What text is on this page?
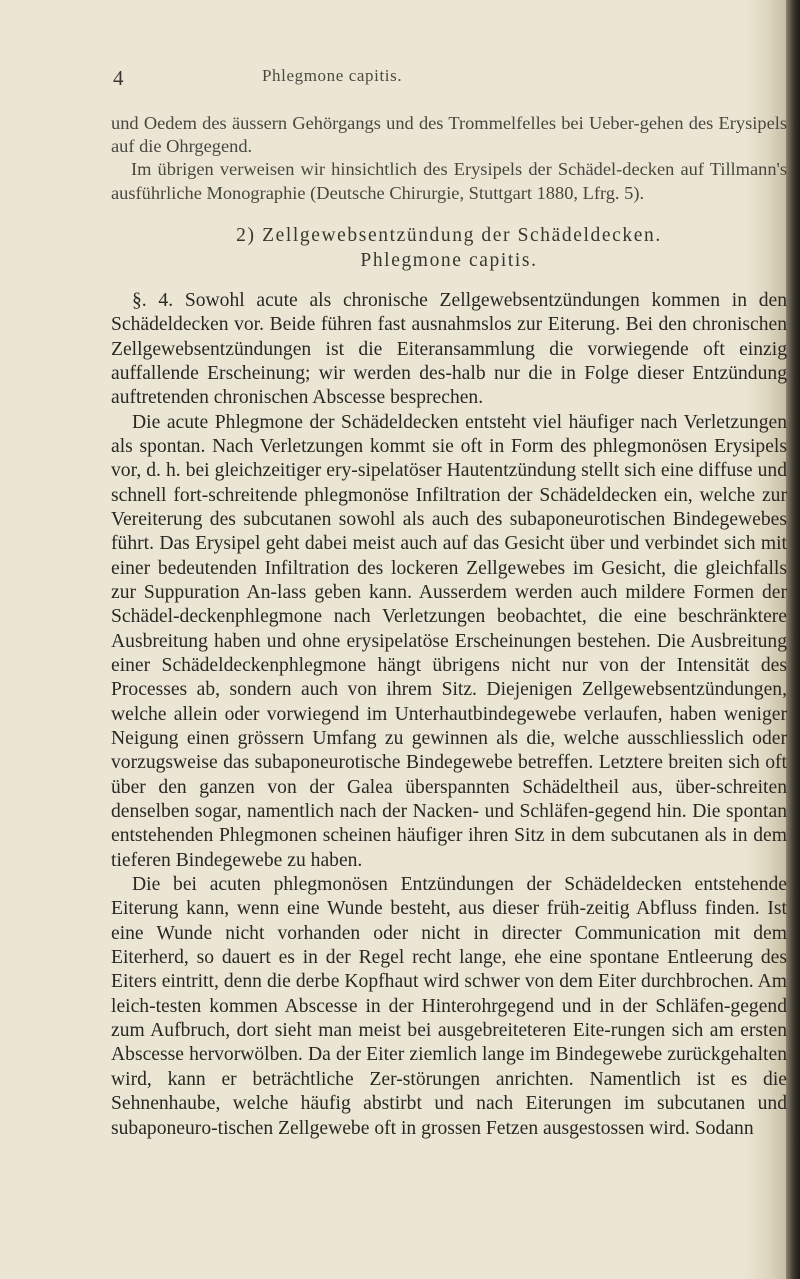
4	Phlegmone capitis.

und Oedem des äussern Gehörgangs und des Trommelfelles bei Ueber-gehen des Erysipels auf die Ohrgegend.

Im übrigen verweisen wir hinsichtlich des Erysipels der Schädel-decken auf Tillmann's ausführliche Monographie (Deutsche Chirurgie, Stuttgart 1880, Lfrg. 5).

2) Zellgewebsentzündung der Schädeldecken.
Phlegmone capitis.

§. 4. Sowohl acute als chronische Zellgewebsentzündungen kommen in den Schädeldecken vor. Beide führen fast ausnahmslos zur Eiterung. Bei den chronischen Zellgewebsentzündungen ist die Eiteransammlung die vorwiegende oft einzig auffallende Erscheinung; wir werden des-halb nur die in Folge dieser Entzündung auftretenden chronischen Abscesse besprechen.

Die acute Phlegmone der Schädeldecken entsteht viel häufiger nach Verletzungen als spontan. Nach Verletzungen kommt sie oft in Form des phlegmonösen Erysipels vor, d. h. bei gleichzeitiger ery-sipelatöser Hautentzündung stellt sich eine diffuse und schnell fort-schreitende phlegmonöse Infiltration der Schädeldecken ein, welche zur Vereiterung des subcutanen sowohl als auch des subaponeurotischen Bindegewebes führt. Das Erysipel geht dabei meist auch auf das Gesicht über und verbindet sich mit einer bedeutenden Infiltration des lockeren Zellgewebes im Gesicht, die gleichfalls zur Suppuration An-lass geben kann. Ausserdem werden auch mildere Formen der Schädel-deckenphlegmone nach Verletzungen beobachtet, die eine beschränktere Ausbreitung haben und ohne erysipelatöse Erscheinungen bestehen. Die Ausbreitung einer Schädeldeckenphlegmone hängt übrigens nicht nur von der Intensität des Processes ab, sondern auch von ihrem Sitz. Diejenigen Zellgewebsentzündungen, welche allein oder vorwiegend im Unterhautbindegewebe verlaufen, haben weniger Neigung einen grössern Umfang zu gewinnen als die, welche ausschliesslich oder vorzugsweise das subaponeurotische Bindegewebe betreffen. Letztere breiten sich oft über den ganzen von der Galea überspannten Schädeltheil aus, über-schreiten denselben sogar, namentlich nach der Nacken- und Schläfen-gegend hin. Die spontan entstehenden Phlegmonen scheinen häufiger ihren Sitz in dem subcutanen als in dem tieferen Bindegewebe zu haben.

Die bei acuten phlegmonösen Entzündungen der Schädeldecken entstehende Eiterung kann, wenn eine Wunde besteht, aus dieser früh-zeitig Abfluss finden. Ist eine Wunde nicht vorhanden oder nicht in directer Communication mit dem Eiterherd, so dauert es in der Regel recht lange, ehe eine spontane Entleerung des Eiters eintritt, denn die derbe Kopfhaut wird schwer von dem Eiter durchbrochen. Am leich-testen kommen Abscesse in der Hinterohrgegend und in der Schläfen-gegend zum Aufbruch, dort sieht man meist bei ausgebreiteteren Eite-rungen sich am ersten Abscesse hervorwölben. Da der Eiter ziemlich lange im Bindegewebe zurückgehalten wird, kann er beträchtliche Zer-störungen anrichten. Namentlich ist es die Sehnenhaube, welche häufig abstirbt und nach Eiterungen im subcutanen und subaponeuro-tischen Zellgewebe oft in grossen Fetzen ausgestossen wird. Sodann
